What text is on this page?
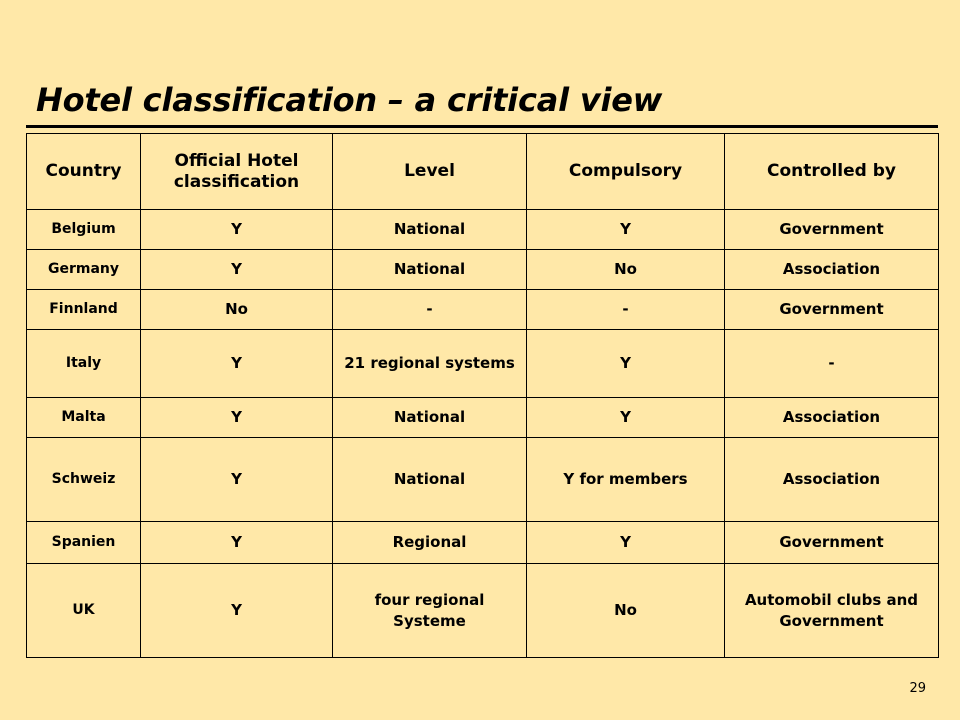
Hotel classification – a critical view
Country	Official Hotel classification	Level	Compulsory	Controlled by
Belgium	Y	National	Y	Government
Germany	Y	National	No	Association
Finnland	No	-	-	Government
Italy	Y	21 regional systems	Y	-
Malta	Y	National	Y	Association
Schweiz	Y	National	Y for members	Association
Spanien	Y	Regional	Y	Government
UK	Y	four regional Systeme	No	Automobil clubs and Government
29
